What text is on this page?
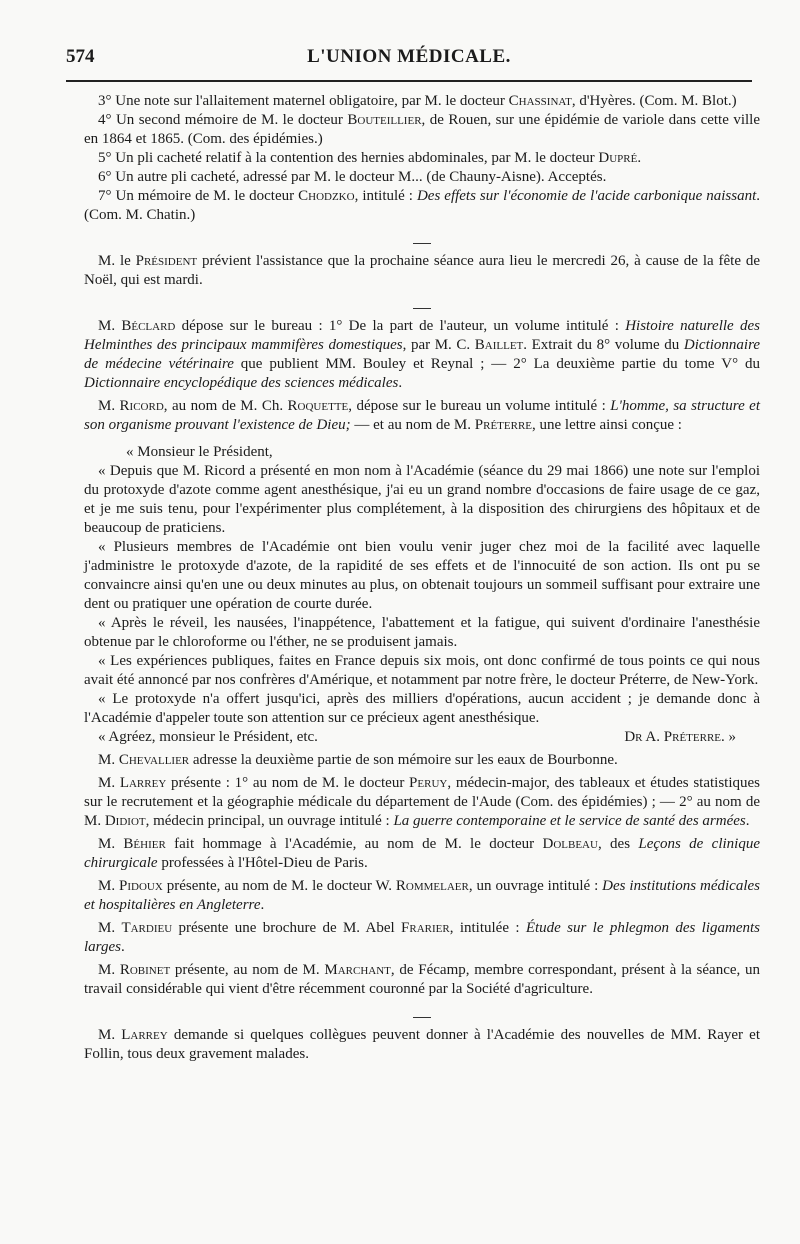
574	L'UNION MÉDICALE.

3° Une note sur l'allaitement maternel obligatoire, par M. le docteur Chassinat, d'Hyères. (Com. M. Blot.)

4° Un second mémoire de M. le docteur Bouteillier, de Rouen, sur une épidémie de variole dans cette ville en 1864 et 1865. (Com. des épidémies.)

5° Un pli cacheté relatif à la contention des hernies abdominales, par M. le docteur Dupré.

6° Un autre pli cacheté, adressé par M. le docteur M... (de Chauny-Aisne). Acceptés.

7° Un mémoire de M. le docteur Chodzko, intitulé : Des effets sur l'économie de l'acide carbonique naissant. (Com. M. Chatin.)

M. le Président prévient l'assistance que la prochaine séance aura lieu le mercredi 26, à cause de la fête de Noël, qui est mardi.

M. Béclard dépose sur le bureau : 1° De la part de l'auteur, un volume intitulé : Histoire naturelle des Helminthes des principaux mammifères domestiques, par M. C. Baillet. Extrait du 8° volume du Dictionnaire de médecine vétérinaire que publient MM. Bouley et Reynal ; — 2° La deuxième partie du tome V° du Dictionnaire encyclopédique des sciences médicales.

M. Ricord, au nom de M. Ch. Roquette, dépose sur le bureau un volume intitulé : L'homme, sa structure et son organisme prouvant l'existence de Dieu; — et au nom de M. Préterre, une lettre ainsi conçue :

« Monsieur le Président,

« Depuis que M. Ricord a présenté en mon nom à l'Académie (séance du 29 mai 1866) une note sur l'emploi du protoxyde d'azote comme agent anesthésique, j'ai eu un grand nombre d'occasions de faire usage de ce gaz, et je me suis tenu, pour l'expérimenter plus complétement, à la disposition des chirurgiens des hôpitaux et de beaucoup de praticiens.

« Plusieurs membres de l'Académie ont bien voulu venir juger chez moi de la facilité avec laquelle j'administre le protoxyde d'azote, de la rapidité de ses effets et de l'innocuité de son action. Ils ont pu se convaincre ainsi qu'en une ou deux minutes au plus, on obtenait toujours un sommeil suffisant pour extraire une dent ou pratiquer une opération de courte durée.

« Après le réveil, les nausées, l'inappétence, l'abattement et la fatigue, qui suivent d'ordinaire l'anesthésie obtenue par le chloroforme ou l'éther, ne se produisent jamais.

« Les expériences publiques, faites en France depuis six mois, ont donc confirmé de tous points ce qui nous avait été annoncé par nos confrères d'Amérique, et notamment par notre frère, le docteur Préterre, de New-York.

« Le protoxyde n'a offert jusqu'ici, après des milliers d'opérations, aucun accident ; je demande donc à l'Académie d'appeler toute son attention sur ce précieux agent anesthésique.

« Agréez, monsieur le Président, etc.	Dr A. Préterre. »

M. Chevallier adresse la deuxième partie de son mémoire sur les eaux de Bourbonne.

M. Larrey présente : 1° au nom de M. le docteur Peruy, médecin-major, des tableaux et études statistiques sur le recrutement et la géographie médicale du département de l'Aude (Com. des épidémies) ; — 2° au nom de M. Didiot, médecin principal, un ouvrage intitulé : La guerre contemporaine et le service de santé des armées.

M. Béhier fait hommage à l'Académie, au nom de M. le docteur Dolbeau, des Leçons de clinique chirurgicale professées à l'Hôtel-Dieu de Paris.

M. Pidoux présente, au nom de M. le docteur W. Rommelaer, un ouvrage intitulé : Des institutions médicales et hospitalières en Angleterre.

M. Tardieu présente une brochure de M. Abel Frarier, intitulée : Étude sur le phlegmon des ligaments larges.

M. Robinet présente, au nom de M. Marchant, de Fécamp, membre correspondant, présent à la séance, un travail considérable qui vient d'être récemment couronné par la Société d'agriculture.

M. Larrey demande si quelques collègues peuvent donner à l'Académie des nouvelles de MM. Rayer et Follin, tous deux gravement malades.
